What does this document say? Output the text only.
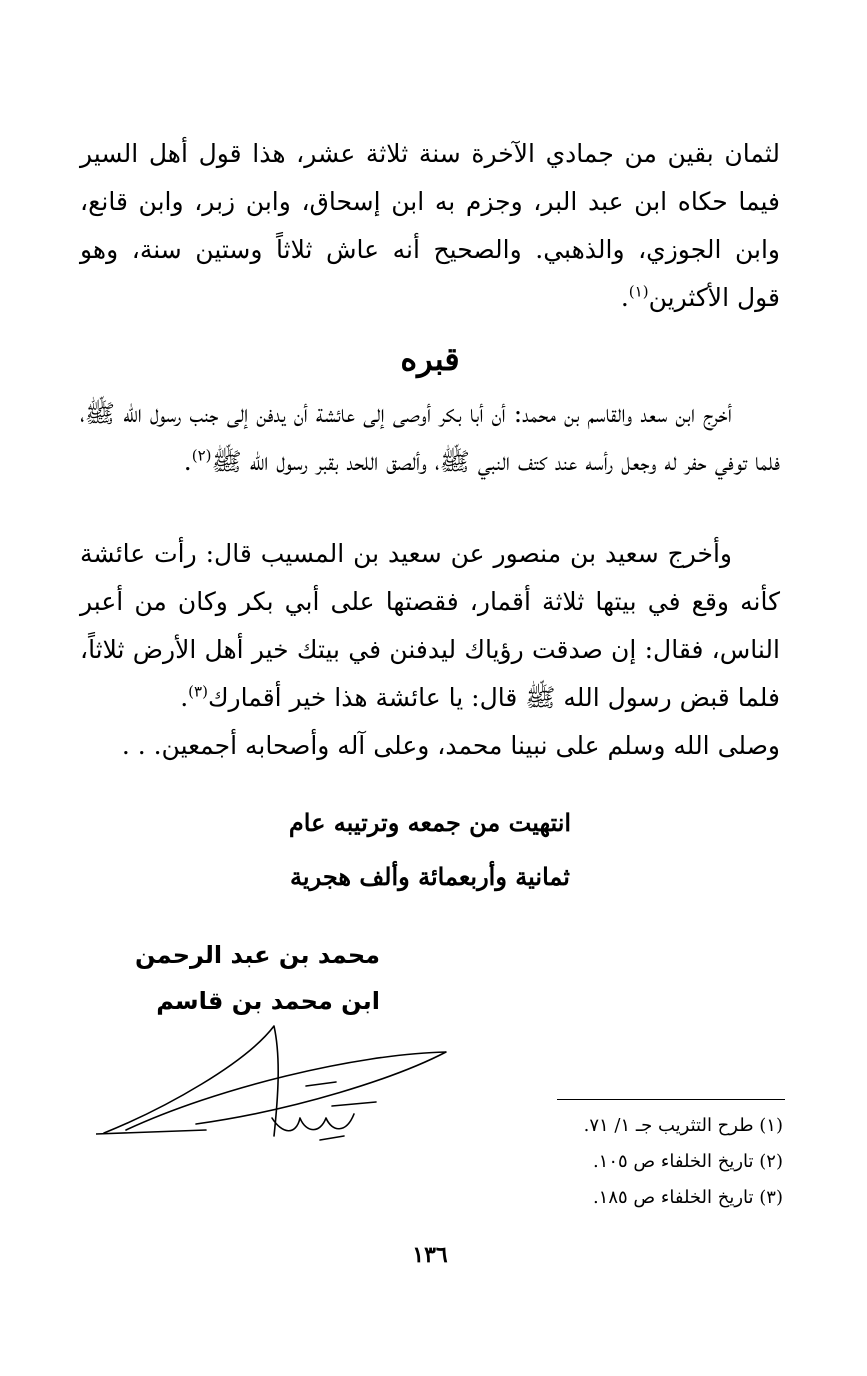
لثمان بقين من جمادي الآخرة سنة ثلاثة عشر، هذا قول أهل السير فيما حكاه ابن عبد البر، وجزم به ابن إسحاق، وابن زبر، وابن قانع، وابن الجوزي، والذهبي. والصحيح أنه عاش ثلاثاً وستين سنة، وهو قول الأكثرين$^{(١)}$.

قبره

أخرج ابن سعد والقاسم بن محمد: أن أبا بكر أوصى إلى عائشة أن يدفن إلى جنب رسول الله ﷺ، فلما توفي حفر له وجعل رأسه عند كتف النبي ﷺ، وألصق اللحد بقبر رسول الله ﷺ$^{(٢)}$.

وأخرج سعيد بن منصور عن سعيد بن المسيب قال: رأت عائشة كأنه وقع في بيتها ثلاثة أقمار، فقصتها على أبي بكر وكان من أعبر الناس، فقال: إن صدقت رؤياك ليدفنن في بيتك خير أهل الأرض ثلاثاً، فلما قبض رسول الله ﷺ قال: يا عائشة هذا خير أقمارك$^{(٣)}$.

وصلى الله وسلم على نبينا محمد، وعلى آله وأصحابه أجمعين. . .

انتهيت من جمعه وترتيبه عام
ثمانية وأربعمائة وألف هجرية
محمد بن عبد الرحمن
ابن محمد بن قاسم
(١) طرح التثريب جـ ١/ ٧١.
(٢) تاريخ الخلفاء ص ١٠٥.
(٣) تاريخ الخلفاء ص ١٨٥.
١٣٦
